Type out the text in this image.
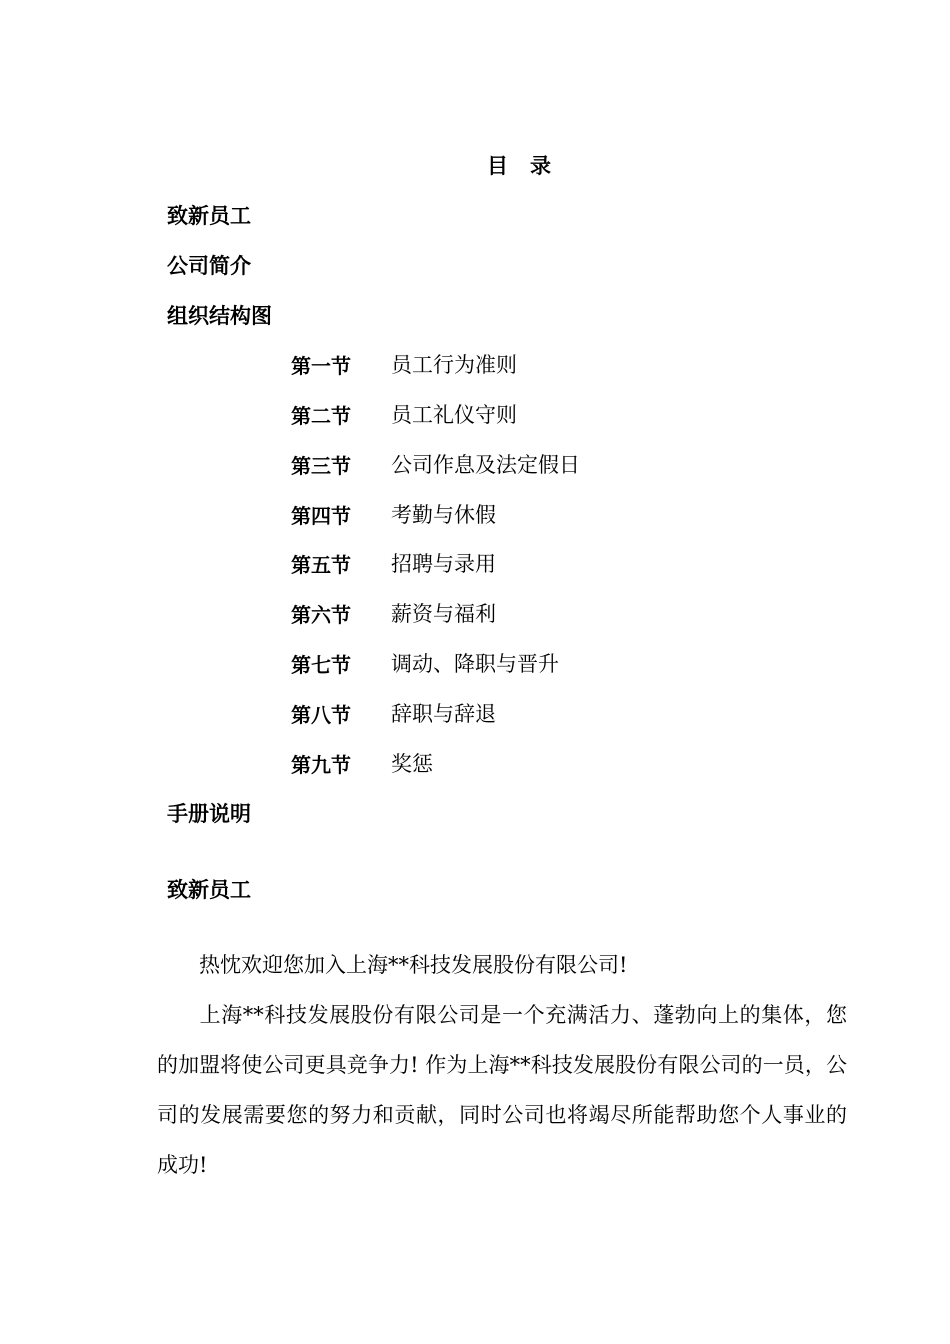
目录
致新员工
公司简介
组织结构图
第一节 员工行为准则
第二节 员工礼仪守则
第三节 公司作息及法定假日
第四节 考勤与休假
第五节 招聘与录用
第六节 薪资与福利
第七节 调动、降职与晋升
第八节 辞职与辞退
第九节 奖惩
手册说明
致新员工
热忱欢迎您加入上海**科技发展股份有限公司!
上海**科技发展股份有限公司是一个充满活力、蓬勃向上的集体，您的加盟将使公司更具竞争力! 作为上海**科技发展股份有限公司的一员，公司的发展需要您的努力和贡献，同时公司也将竭尽所能帮助您个人事业的成功!
